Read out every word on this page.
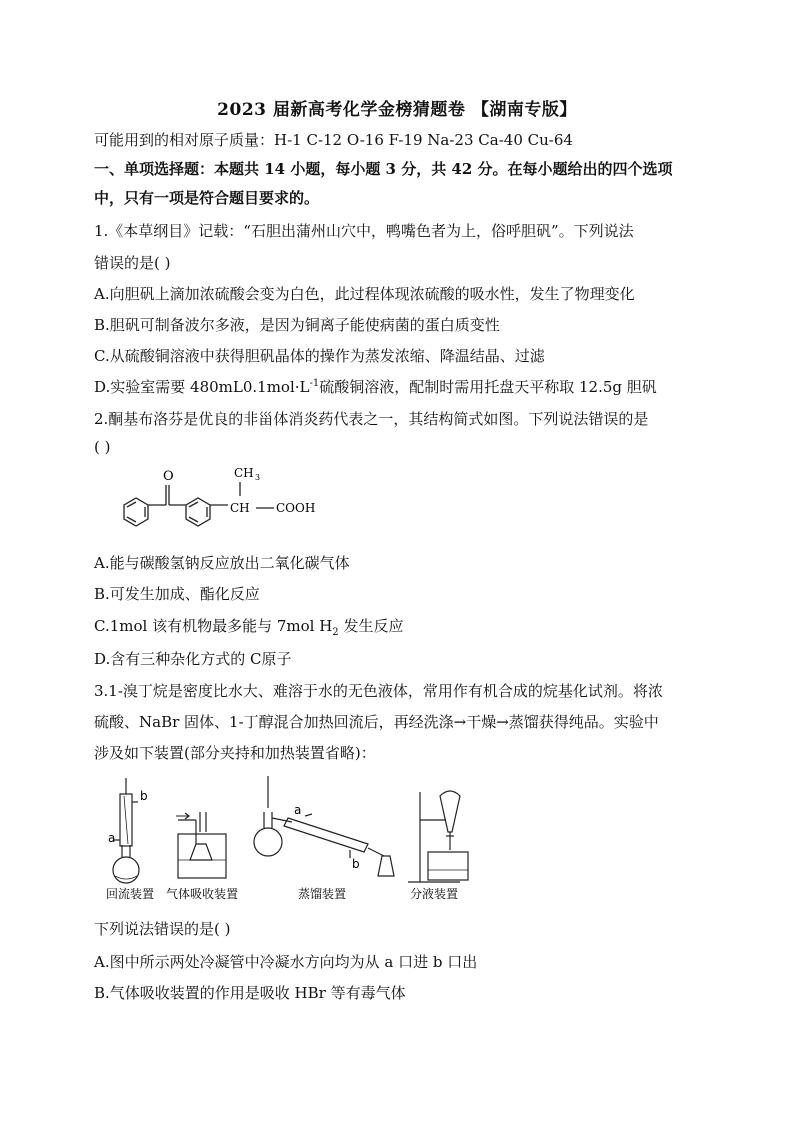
2023 届新高考化学金榜猜题卷 【湖南专版】
可能用到的相对原子质量：H-1 C-12 O-16 F-19 Na-23 Ca-40 Cu-64
一、单项选择题：本题共 14 小题，每小题 3 分，共 42 分。在每小题给出的四个选项
中，只有一项是符合题目要求的。
1.《本草纲目》记载：“石胆出蒲州山穴中，鸭嘴色者为上，俗呼胆矾”。下列说法
错误的是( )
A.向胆矾上滴加浓硫酸会变为白色，此过程体现浓硫酸的吸水性，发生了物理变化
B.胆矾可制备波尔多液，是因为铜离子能使病菌的蛋白质变性
C.从硫酸铜溶液中获得胆矾晶体的操作为蒸发浓缩、降温结晶、过滤
D.实验室需要 $480mL0.1mol\cdot L^{-1}$硫酸铜溶液，配制时需用托盘天平称取 12.5g 胆矾
2.酮基布洛芬是优良的非甾体消炎药代表之一，其结构简式如图。下列说法错误的是
( )
O	CH 3
CH COOH
A.能与碳酸氢钠反应放出二氧化碳气体
B.可发生加成、酯化反应
C.1mol 该有机物最多能与 7mol $H_2$ 发生反应
D.含有三种杂化方式的 C原子
3.1-溴丁烷是密度比水大、难溶于水的无色液体，常用作有机合成的烷基化试剂。将浓
硫酸、NaBr 固体、1-丁醇混合加热回流后，再经洗涤→干燥→蒸馏获得纯品。实验中
涉及如下装置(部分夹持和加热装置省略)：
a
b
a
b
回流装置 气体吸收装置	蒸馏装置	分液装置
下列说法错误的是( )
A.图中所示两处冷凝管中冷凝水方向均为从 a 口进 b 口出
B.气体吸收装置的作用是吸收 HBr 等有毒气体
